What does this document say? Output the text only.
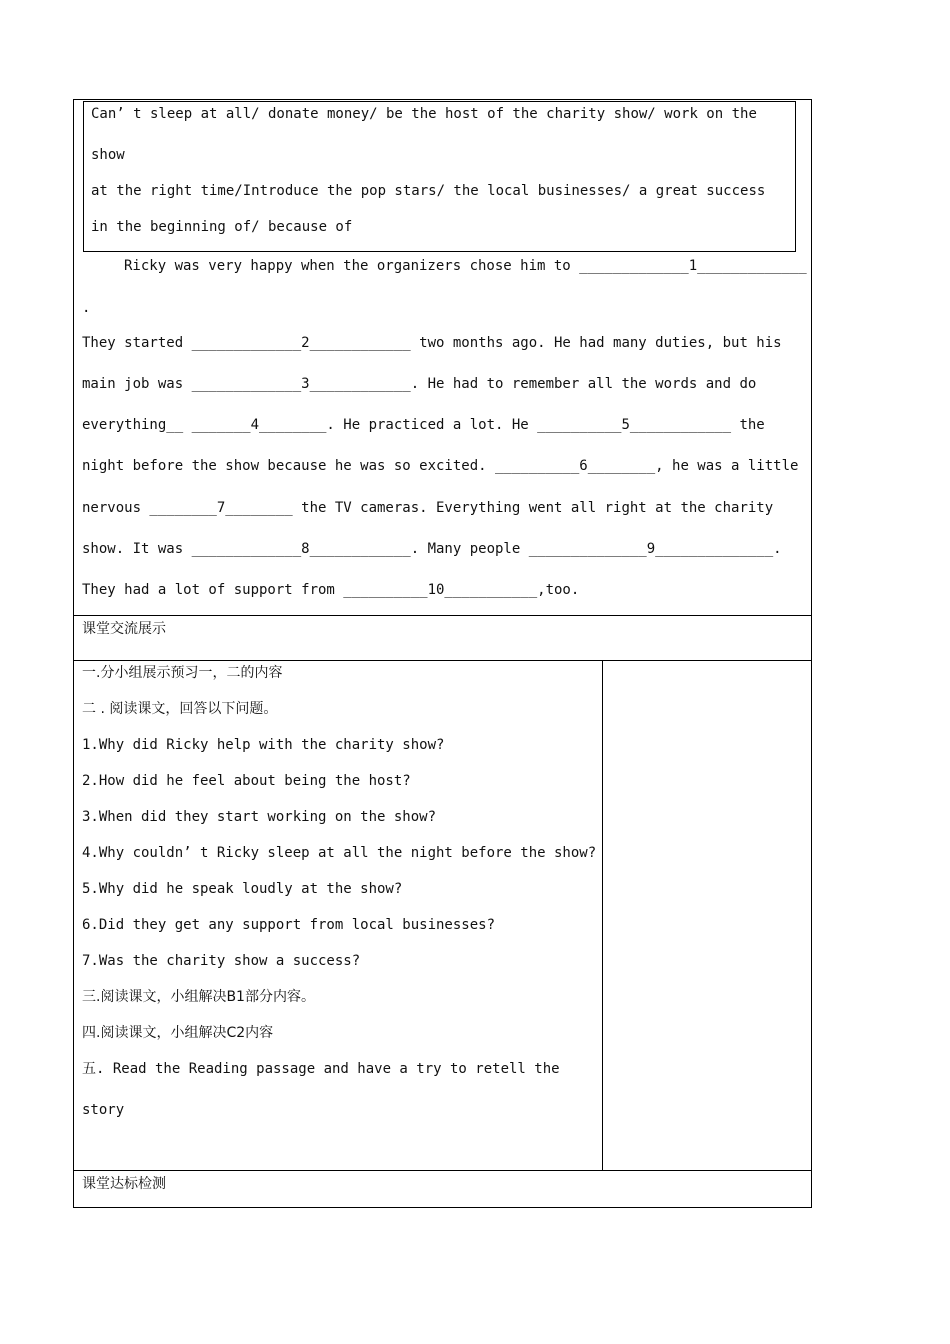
Can’ t sleep at all/ donate money/ be the host of the charity show/ work on the
show
at the right time/Introduce the pop stars/ the local businesses/ a great success
in the beginning of/ because of
Ricky was very happy when the organizers chose him to _____________1_____________
.
They started _____________2____________ two months ago. He had many duties, but his
main job was _____________3____________. He had to remember all the words and do
everything__ _______4________. He practiced a lot. He __________5____________ the
night before the show because he was so excited. __________6________, he was a little
nervous ________7________ the TV cameras. Everything went all right at the charity
show. It was _____________8____________. Many people ______________9______________.
They had a lot of support from __________10___________,too.
课堂交流展示
一.分小组展示预习一，二的内容
二 . 阅读课文，回答以下问题。
1.Why did Ricky help with the charity show?
2.How did he feel about being the host?
3.When did they start working on the show?
4.Why couldn’ t Ricky sleep at all the night before the show?
5.Why did he speak loudly at the show?
6.Did they get any support from local businesses?
7.Was the charity show a success?
三.阅读课文，小组解决B1部分内容。
四.阅读课文，小组解决C2内容
五. Read the Reading passage and have a try to retell the
story
课堂达标检测
